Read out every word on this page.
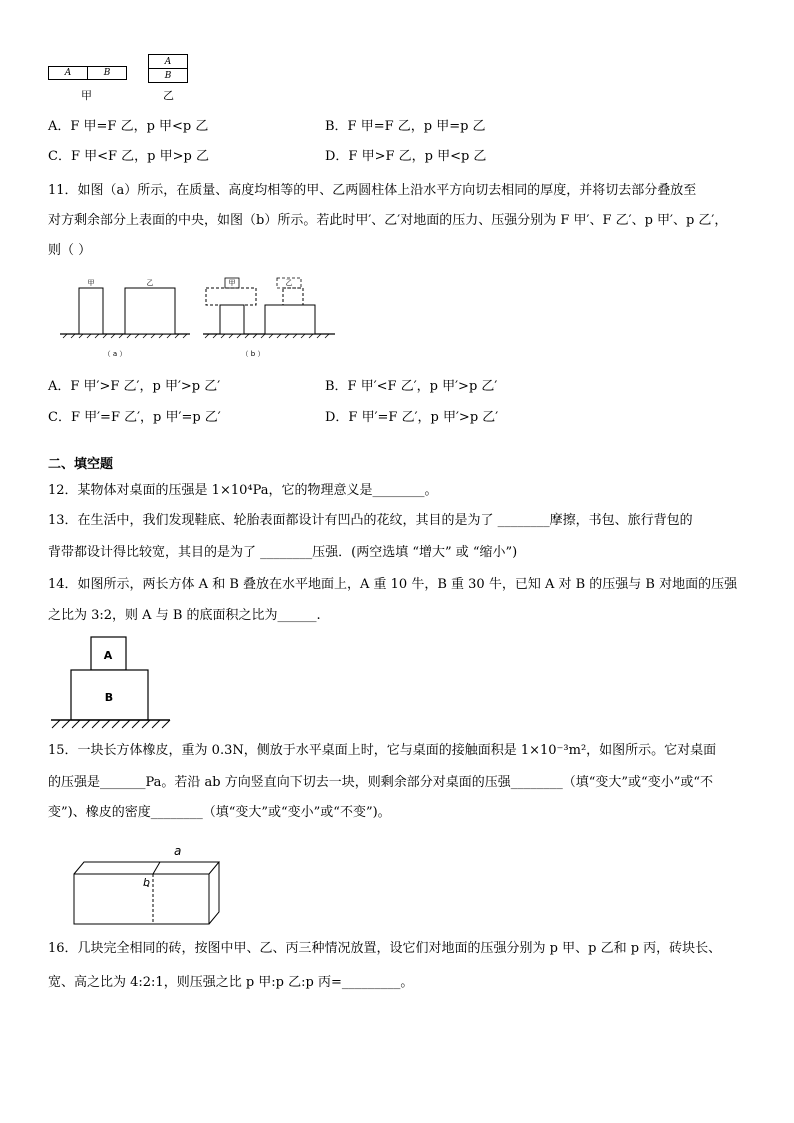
A	B
甲
A
B
乙
A．F 甲=F 乙，p 甲<p 乙	B．F 甲=F 乙，p 甲=p 乙
C．F 甲<F 乙，p 甲>p 乙	D．F 甲>F 乙，p 甲<p 乙
11．如图（a）所示，在质量、高度均相等的甲、乙两圆柱体上沿水平方向切去相同的厚度，并将切去部分叠放至
对方剩余部分上表面的中央，如图（b）所示。若此时甲′、乙′对地面的压力、压强分别为 F 甲′、F 乙′、p 甲′、p 乙′，
则（ ）
甲	乙
（ a ）
甲	乙
（ b ）
A．F 甲′>F 乙′，p 甲′>p 乙′	B．F 甲′<F 乙′，p 甲′>p 乙′
C．F 甲′=F 乙′，p 甲′=p 乙′	D．F 甲′=F 乙′，p 甲′>p 乙′
二、填空题
12．某物体对桌面的压强是 1×10⁴Pa，它的物理意义是________。
13．在生活中，我们发现鞋底、轮胎表面都设计有凹凸的花纹，其目的是为了 ________摩擦，书包、旅行背包的
背带都设计得比较宽，其目的是为了 ________压强．(两空选填 “增大” 或 “缩小”)
14．如图所示，两长方体 A 和 B 叠放在水平地面上，A 重 10 牛，B 重 30 牛，已知 A 对 B 的压强与 B 对地面的压强
之比为 3:2，则 A 与 B 的底面积之比为______.
A
B
15．一块长方体橡皮，重为 0.3N，侧放于水平桌面上时，它与桌面的接触面积是 1×10⁻³m²，如图所示。它对桌面
的压强是_______Pa。若沿 ab 方向竖直向下切去一块，则剩余部分对桌面的压强________（填“变大”或“变小”或“不
变”)、橡皮的密度________（填“变大”或“变小”或“不变”)。
a
b
16．几块完全相同的砖，按图中甲、乙、丙三种情况放置，设它们对地面的压强分别为 p 甲、p 乙和 p 丙，砖块长、
宽、高之比为 4:2:1，则压强之比 p 甲:p 乙:p 丙=_________。
